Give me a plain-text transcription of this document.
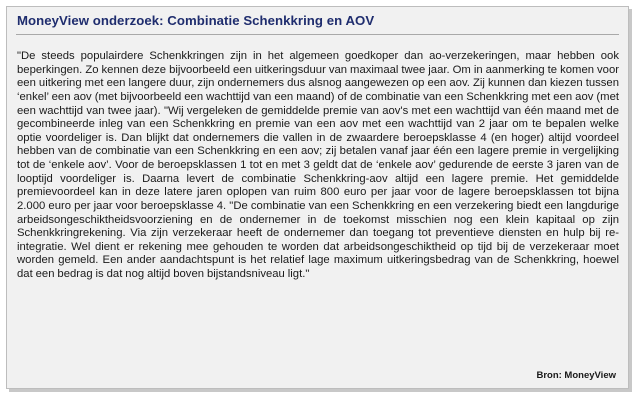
MoneyView onderzoek: Combinatie Schenkkring en AOV

"De steeds populairdere Schenkkringen zijn in het algemeen goedkoper dan ao-verzekeringen, maar hebben ook beperkingen. Zo kennen deze bijvoorbeeld een uitkeringsduur van maximaal twee jaar. Om in aanmerking te komen voor een uitkering met een langere duur, zijn ondernemers dus alsnog aangewezen op een aov. Zij kunnen dan kiezen tussen ‘enkel’ een aov (met bijvoorbeeld een wachttijd van een maand) of de combinatie van een Schenkkring met een aov (met een wachttijd van twee jaar). "Wij vergeleken de gemiddelde premie van aov's met een wachttijd van één maand met de gecombineerde inleg van een Schenkkring en premie van een aov met een wachttijd van 2 jaar om te bepalen welke optie voordeliger is. Dan blijkt dat ondernemers die vallen in de zwaardere beroepsklasse 4 (en hoger) altijd voordeel hebben van de combinatie van een Schenkkring en een aov; zij betalen vanaf jaar één een lagere premie in vergelijking tot de ‘enkele aov’. Voor de beroepsklassen 1 tot en met 3 geldt dat de ‘enkele aov’ gedurende de eerste 3 jaren van de looptijd voordeliger is. Daarna levert de combinatie Schenkkring-aov altijd een lagere premie. Het gemiddelde premievoordeel kan in deze latere jaren oplopen van ruim 800 euro per jaar voor de lagere beroepsklassen tot bijna 2.000 euro per jaar voor beroepsklasse 4. "De combinatie van een Schenkkring en een verzekering biedt een langdurige arbeidsongeschiktheidsvoorziening en de ondernemer in de toekomst misschien nog een klein kapitaal op zijn Schenkkringrekening. Via zijn verzekeraar heeft de ondernemer dan toegang tot preventieve diensten en hulp bij re-integratie. Wel dient er rekening mee gehouden te worden dat arbeidsongeschiktheid op tijd bij de verzekeraar moet worden gemeld. Een ander aandachtspunt is het relatief lage maximum uitkeringsbedrag van de Schenkkring, hoewel dat een bedrag is dat nog altijd boven bijstandsniveau ligt."

Bron: MoneyView
